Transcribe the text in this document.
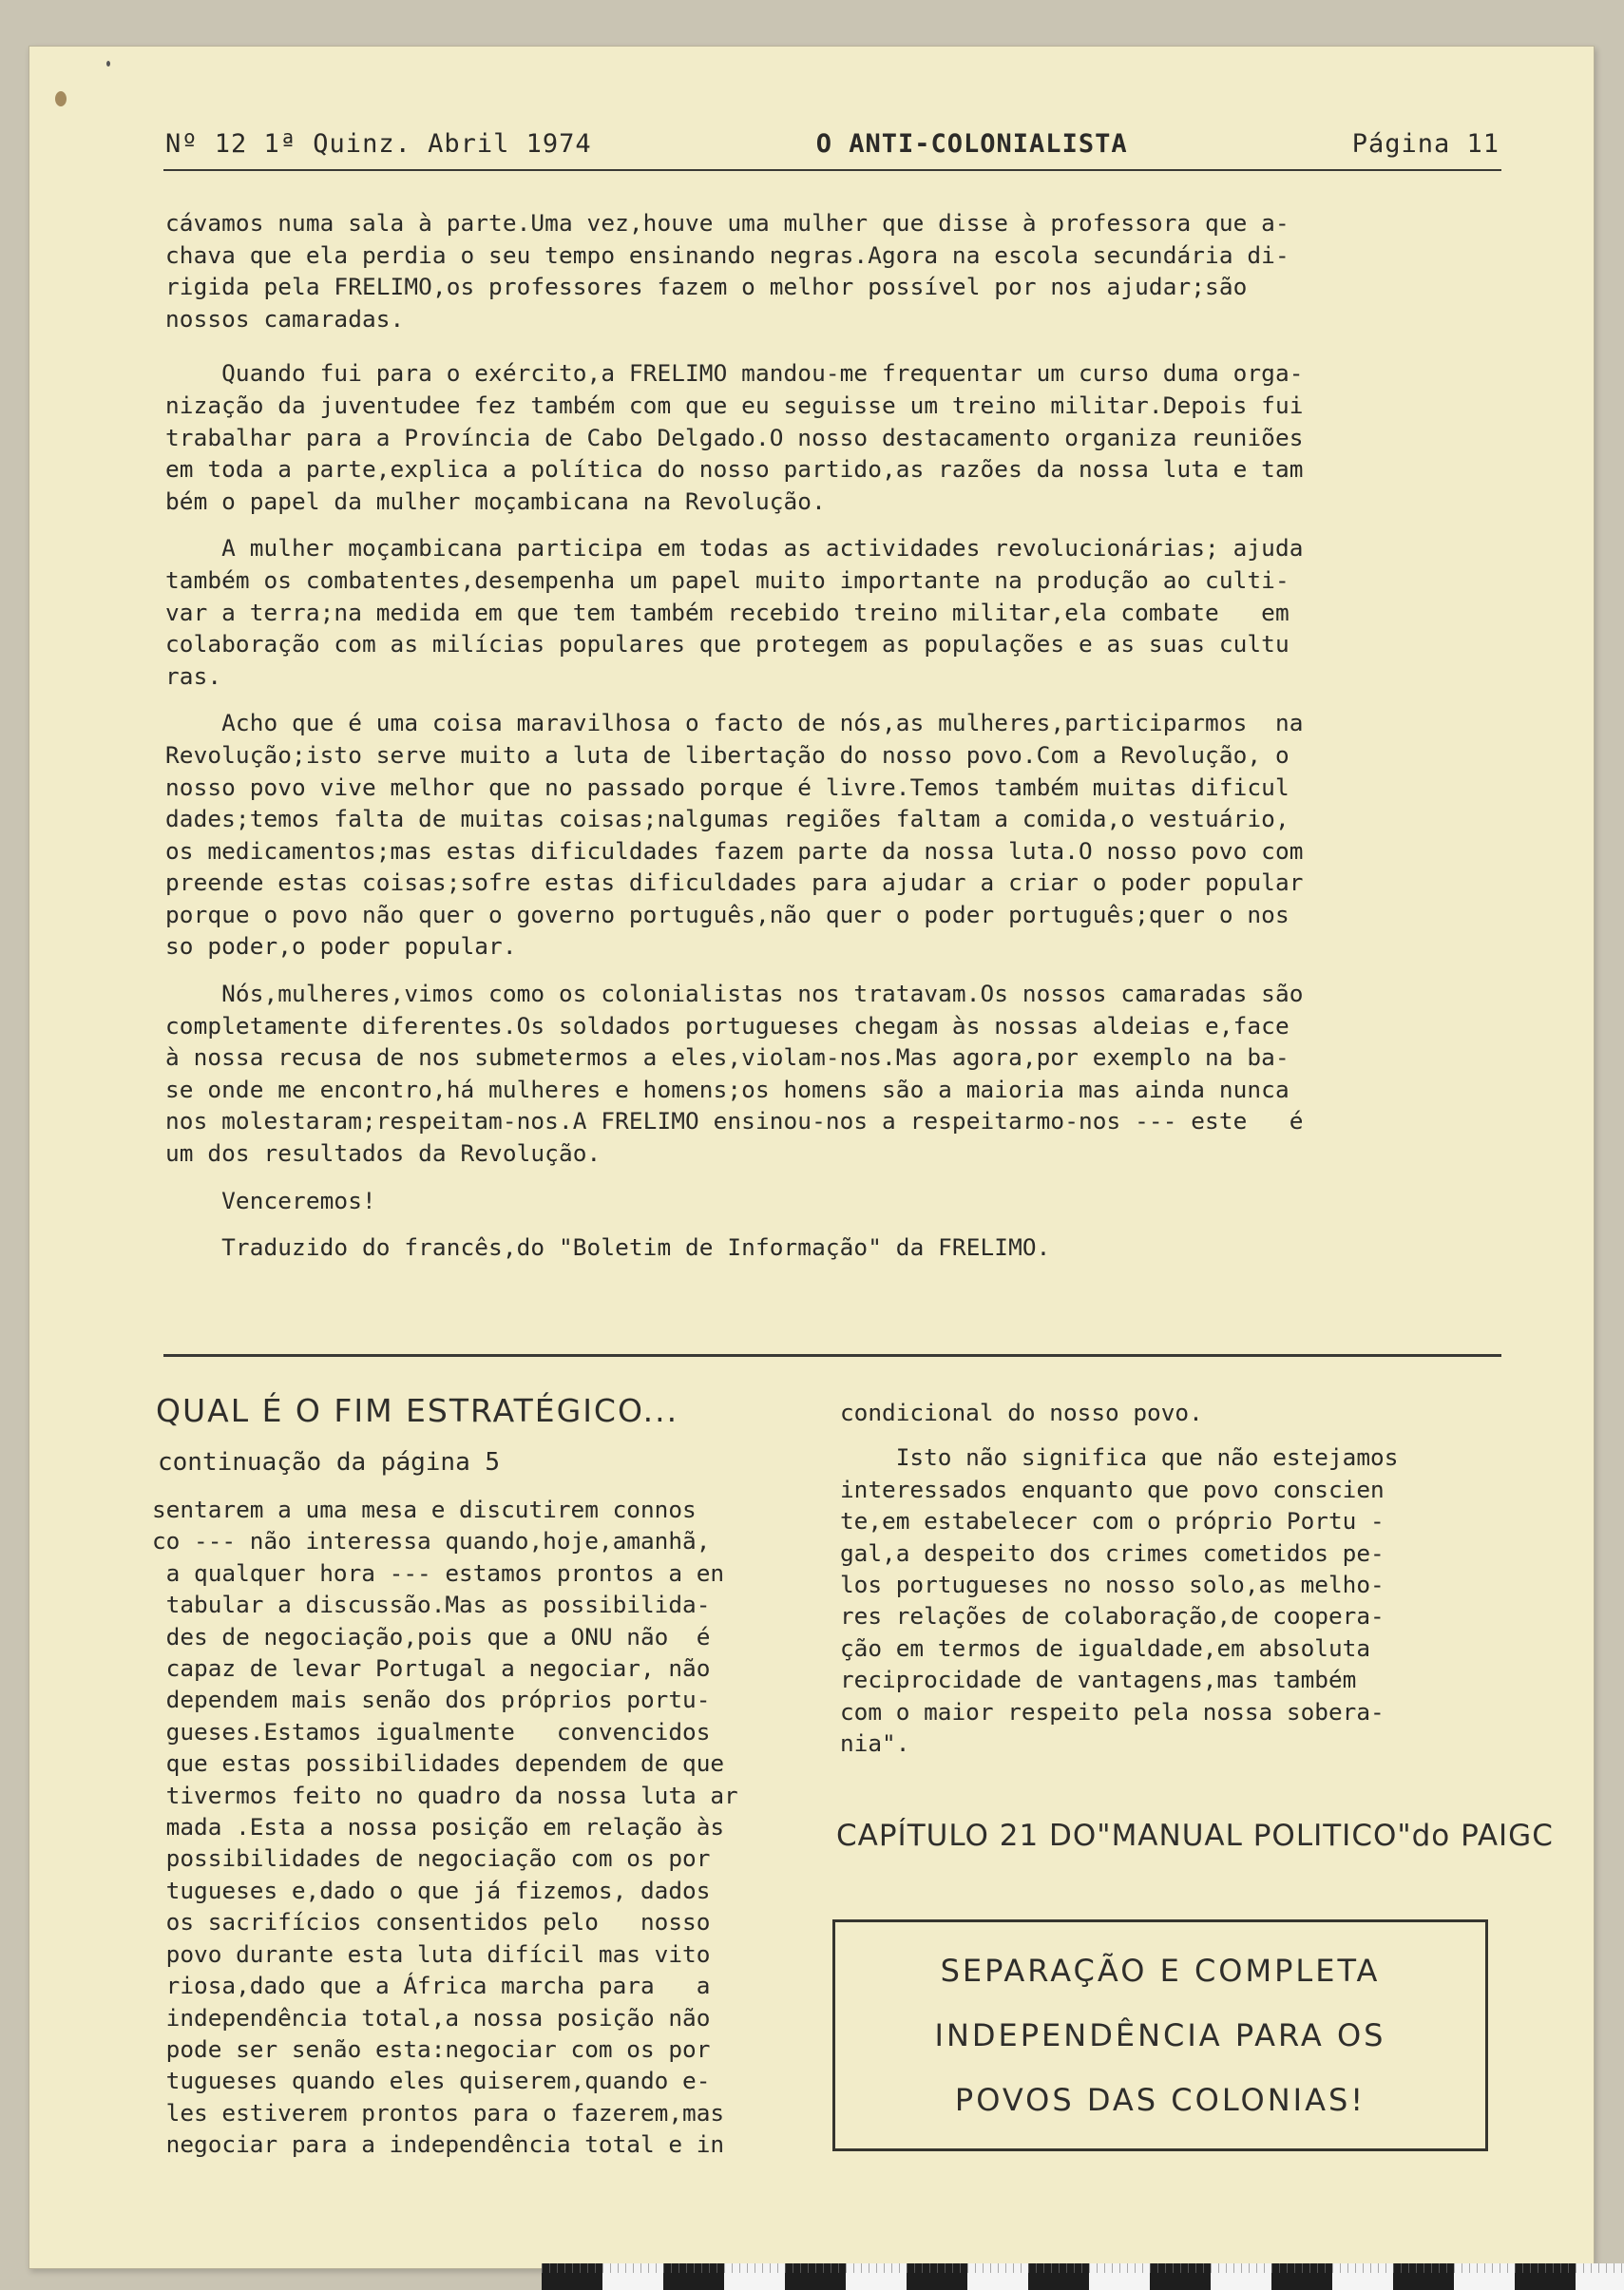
Nº 12 1ª Quinz. Abril 1974	O ANTI-COLONIALISTA	Página 11
cávamos numa sala à parte.Uma vez,houve uma mulher que disse à professora que a-
chava que ela perdia o seu tempo ensinando negras.Agora na escola secundária di-
rigida pela FRELIMO,os professores fazem o melhor possível por nos ajudar;são
nossos camaradas.
Quando fui para o exército,a FRELIMO mandou-me frequentar um curso duma orga-
nização da juventudee fez também com que eu seguisse um treino militar.Depois fui
trabalhar para a Província de Cabo Delgado.O nosso destacamento organiza reuniões
em toda a parte,explica a política do nosso partido,as razões da nossa luta e tam
bém o papel da mulher moçambicana na Revolução.
A mulher moçambicana participa em todas as actividades revolucionárias; ajuda
também os combatentes,desempenha um papel muito importante na produção ao culti-
var a terra;na medida em que tem também recebido treino militar,ela combate   em
colaboração com as milícias populares que protegem as populações e as suas cultu
ras.
Acho que é uma coisa maravilhosa o facto de nós,as mulheres,participarmos  na
Revolução;isto serve muito a luta de libertação do nosso povo.Com a Revolução, o
nosso povo vive melhor que no passado porque é livre.Temos também muitas dificul
dades;temos falta de muitas coisas;nalgumas regiões faltam a comida,o vestuário,
os medicamentos;mas estas dificuldades fazem parte da nossa luta.O nosso povo com
preende estas coisas;sofre estas dificuldades para ajudar a criar o poder popular
porque o povo não quer o governo português,não quer o poder português;quer o nos
so poder,o poder popular.
Nós,mulheres,vimos como os colonialistas nos tratavam.Os nossos camaradas são
completamente diferentes.Os soldados portugueses chegam às nossas aldeias e,face
à nossa recusa de nos submetermos a eles,violam-nos.Mas agora,por exemplo na ba-
se onde me encontro,há mulheres e homens;os homens são a maioria mas ainda nunca
nos molestaram;respeitam-nos.A FRELIMO ensinou-nos a respeitarmo-nos --- este   é
um dos resultados da Revolução.
Venceremos!
Traduzido do francês,do "Boletim de Informação" da FRELIMO.
QUAL É O FIM ESTRATÉGICO...
continuação da página 5
sentarem a uma mesa e discutirem connos
co --- não interessa quando,hoje,amanhã,
a qualquer hora --- estamos prontos a en
tabular a discussão.Mas as possibilida-
des de negociação,pois que a ONU não  é
capaz de levar Portugal a negociar, não
dependem mais senão dos próprios portu-
gueses.Estamos igualmente   convencidos
que estas possibilidades dependem de que
tivermos feito no quadro da nossa luta ar
mada .Esta a nossa posição em relação às
possibilidades de negociação com os por
tugueses e,dado o que já fizemos, dados
os sacrifícios consentidos pelo   nosso
povo durante esta luta difícil mas vito
riosa,dado que a África marcha para   a
independência total,a nossa posição não
pode ser senão esta:negociar com os por
tugueses quando eles quiserem,quando e-
les estiverem prontos para o fazerem,mas
negociar para a independência total e in
condicional do nosso povo.
Isto não significa que não estejamos
interessados enquanto que povo conscien
te,em estabelecer com o próprio Portu -
gal,a despeito dos crimes cometidos pe-
los portugueses no nosso solo,as melho-
res relações de colaboração,de coopera-
ção em termos de igualdade,em absoluta
reciprocidade de vantagens,mas também
com o maior respeito pela nossa sobera-
nia".
CAPÍTULO 21 DO"MANUAL POLITICO"do PAIGC
SEPARAÇÃO E COMPLETA
INDEPENDÊNCIA PARA OS
POVOS DAS COLONIAS!
